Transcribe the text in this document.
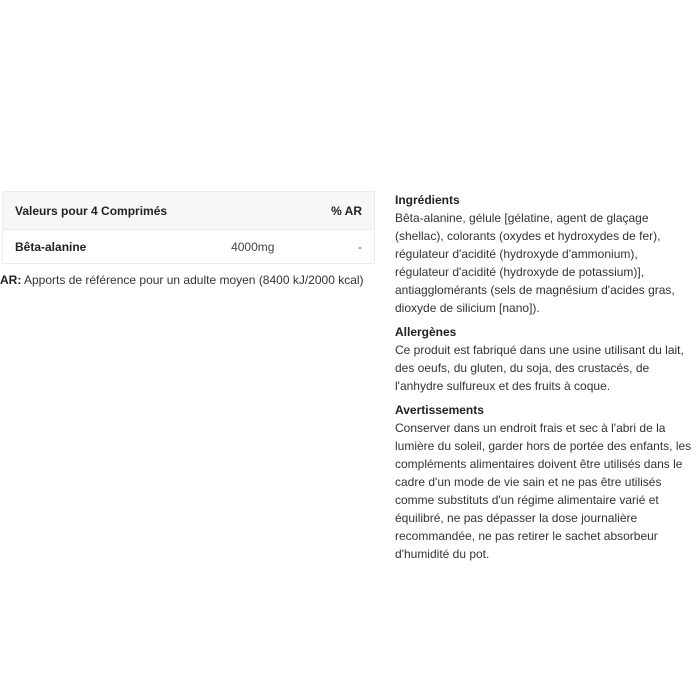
Valeurs pour 4 Comprimés		% AR
Bêta-alanine	4000mg	-
AR: Apports de référence pour un adulte moyen (8400 kJ/2000 kcal)
Ingrédients

Bêta-alanine, gélule [gélatine, agent de glaçage (shellac), colorants (oxydes et hydroxydes de fer), régulateur d'acidité (hydroxyde d'ammonium), régulateur d'acidité (hydroxyde de potassium)], antiagglomérants (sels de magnésium d'acides gras, dioxyde de silicium [nano]).

Allergènes

Ce produit est fabriqué dans une usine utilisant du lait, des oeufs, du gluten, du soja, des crustacés, de l'anhydre sulfureux et des fruits à coque.

Avertissements

Conserver dans un endroit frais et sec à l'abri de la lumière du soleil, garder hors de portée des enfants, les compléments alimentaires doivent être utilisés dans le cadre d'un mode de vie sain et ne pas être utilisés comme substituts d'un régime alimentaire varié et équilibré, ne pas dépasser la dose journalière recommandée, ne pas retirer le sachet absorbeur d'humidité du pot.
